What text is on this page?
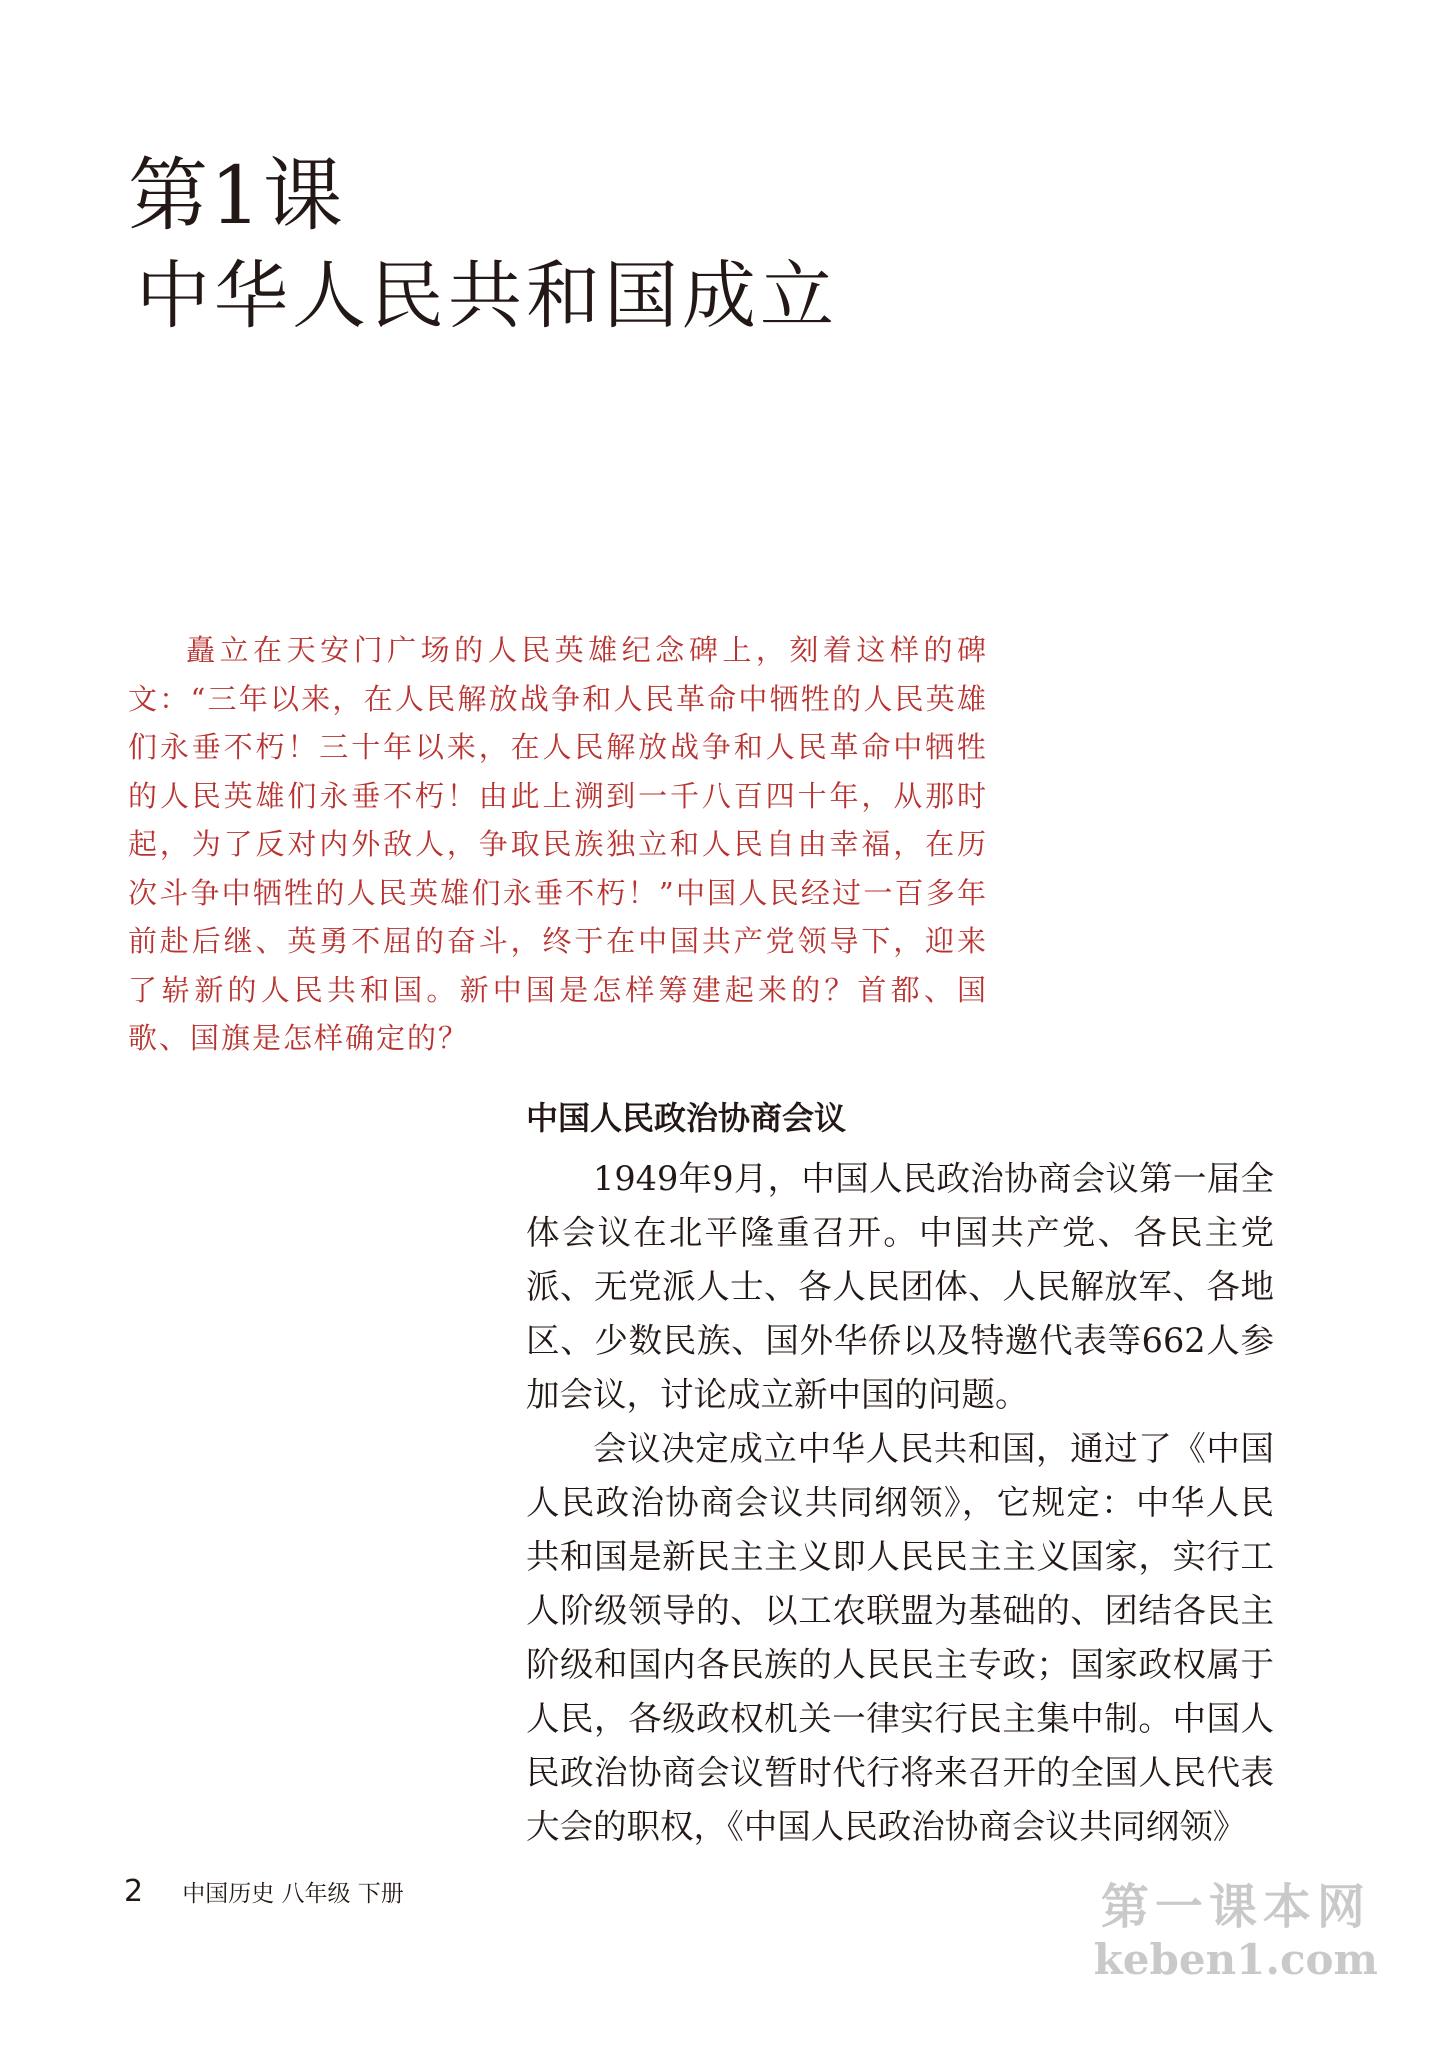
第1课
中华人民共和国成立

矗立在天安门广场的人民英雄纪念碑上，刻着这样的碑文：“三年以来，在人民解放战争和人民革命中牺牲的人民英雄们永垂不朽！三十年以来，在人民解放战争和人民革命中牺牲的人民英雄们永垂不朽！由此上溯到一千八百四十年，从那时起，为了反对内外敌人，争取民族独立和人民自由幸福，在历次斗争中牺牲的人民英雄们永垂不朽！”中国人民经过一百多年前赴后继、英勇不屈的奋斗，终于在中国共产党领导下，迎来了崭新的人民共和国。新中国是怎样筹建起来的？首都、国歌、国旗是怎样确定的？

中国人民政治协商会议

1949年9月，中国人民政治协商会议第一届全体会议在北平隆重召开。中国共产党、各民主党派、无党派人士、各人民团体、人民解放军、各地区、少数民族、国外华侨以及特邀代表等662人参加会议，讨论成立新中国的问题。

会议决定成立中华人民共和国，通过了《中国人民政治协商会议共同纲领》，它规定：中华人民共和国是新民主主义即人民民主主义国家，实行工人阶级领导的、以工农联盟为基础的、团结各民主阶级和国内各民族的人民民主专政；国家政权属于人民，各级政权机关一律实行民主集中制。中国人民政治协商会议暂时代行将来召开的全国人民代表大会的职权，《中国人民政治协商会议共同纲领》

2 中国历史 八年级 下册	第一课本网
keben1.com
